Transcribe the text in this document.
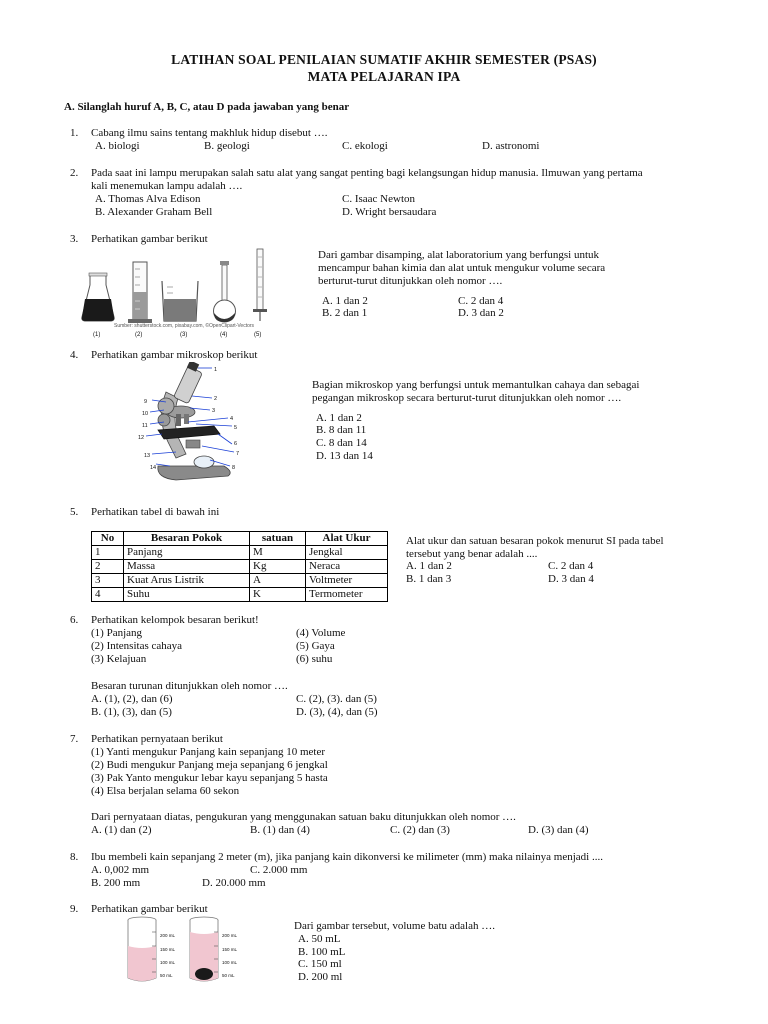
LATIHAN SOAL PENILAIAN SUMATIF AKHIR SEMESTER (PSAS)
MATA PELAJARAN IPA
A. Silanglah huruf A, B, C, atau D pada jawaban yang benar
1. Cabang ilmu sains tentang makhluk hidup disebut ….
A. biologi	B. geologi	C. ekologi	D. astronomi
2. Pada saat ini lampu merupakan salah satu alat yang sangat penting bagi kelangsungan hidup manusia. Ilmuwan yang pertama
kali menemukan lampu adalah ….
A. Thomas Alva Edison	C. Isaac Newton
B. Alexander Graham Bell	D. Wright bersaudara
3. Perhatikan gambar berikut
Sumber: shutterstock.com, pixabay.com, ©OpenClipart-Vectors
(1)	(2)	(3)	(4)	(5)
Dari gambar disamping, alat laboratorium yang berfungsi untuk
mencampur bahan kimia dan alat untuk mengukur volume secara
berturut-turut ditunjukkan oleh nomor ….
A. 1 dan 2	C. 2 dan 4
B. 2 dan 1	D. 3 dan 2
4. Perhatikan gambar mikroskop berikut
1
2
3
4
5
6
7
8
9
10
11
12
13
14
Bagian mikroskop yang berfungsi untuk memantulkan cahaya dan sebagai
pegangan mikroskop secara berturut-turut ditunjukkan oleh nomor ….
A. 1 dan 2
B. 8 dan 11
C. 8 dan 14
D. 13 dan 14
5. Perhatikan tabel di bawah ini
No	Besaran Pokok	satuan	Alat Ukur
1	Panjang	M	Jengkal
2	Massa	Kg	Neraca
3	Kuat Arus Listrik	A	Voltmeter
4	Suhu	K	Termometer
Alat ukur dan satuan besaran pokok menurut SI pada tabel
tersebut yang benar adalah ....
A. 1 dan 2	C. 2 dan 4
B. 1 dan 3	D. 3 dan 4
6. Perhatikan kelompok besaran berikut!
(1) Panjang	(4) Volume
(2) Intensitas cahaya	(5) Gaya
(3) Kelajuan	(6) suhu
Besaran turunan ditunjukkan oleh nomor ….
A. (1), (2), dan (6)	C. (2), (3). dan (5)
B. (1), (3), dan (5)	D. (3), (4), dan (5)
7. Perhatikan pernyataan berikut
(1) Yanti mengukur Panjang kain sepanjang 10 meter
(2) Budi mengukur Panjang meja sepanjang 6 jengkal
(3) Pak Yanto mengukur lebar kayu sepanjang 5 hasta
(4) Elsa berjalan selama 60 sekon
Dari pernyataan diatas, pengukuran yang menggunakan satuan baku ditunjukkan oleh nomor ….
A. (1) dan (2)	B. (1) dan (4)	C. (2) dan (3)	D. (3) dan (4)
8. Ibu membeli kain sepanjang 2 meter (m), jika panjang kain dikonversi ke milimeter (mm) maka nilainya menjadi ....
A. 0,002 mm	C. 2.000 mm
B. 200 mm	D. 20.000 mm
9. Perhatikan gambar berikut
200 mL
150 mL
100 mL
50 mL
200 mL
150 mL
100 mL
50 mL
Dari gambar tersebut, volume batu adalah ….
A. 50 mL
B. 100 mL
C. 150 ml
D. 200 ml
